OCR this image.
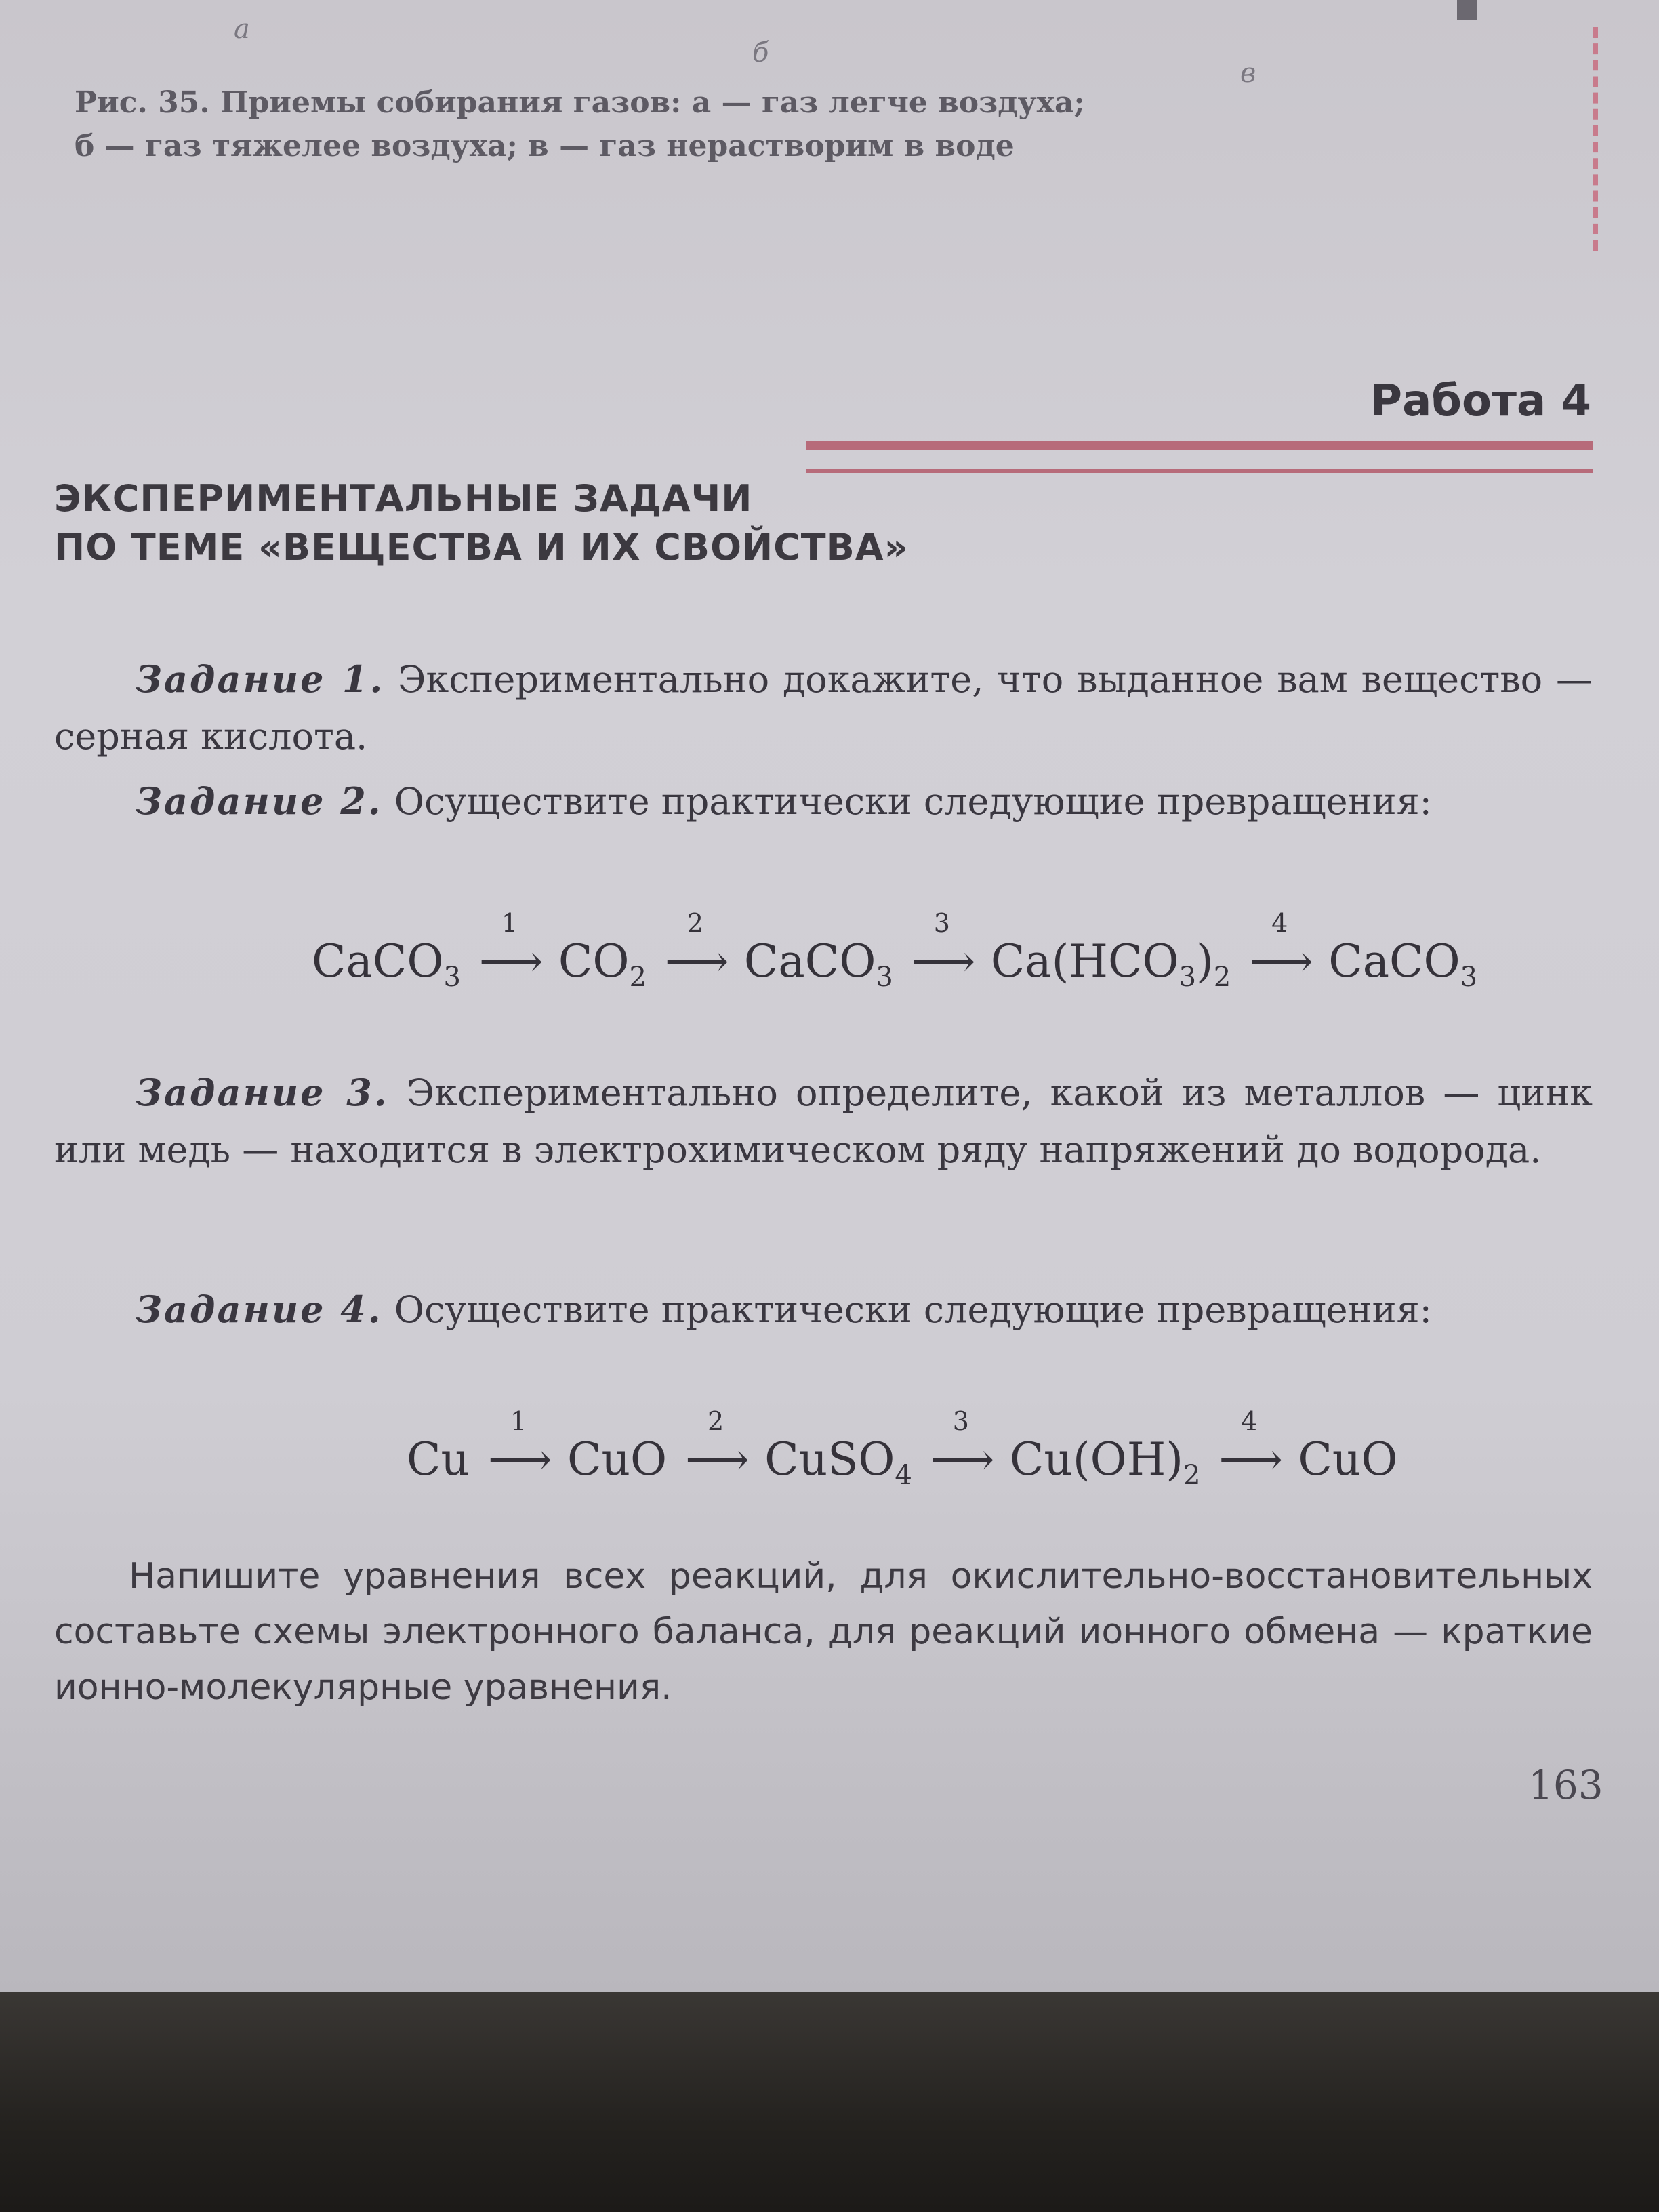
а
б
в
Рис. 35. Приемы собирания газов: а — газ легче воздуха;
б — газ тяжелее воздуха; в — газ нерастворим в воде
Работа 4
ЭКСПЕРИМЕНТАЛЬНЫЕ ЗАДАЧИ
ПО ТЕМЕ «ВЕЩЕСТВА И ИХ СВОЙСТВА»
Задание 1. Экспериментально докажите, что выданное вам вещество — серная кислота.
Задание 2. Осуществите практически следующие превращения:
CaCO$_3$
1
⟶ $CO_2$
2
⟶ CaCO$_3$
3
⟶ $Ca(HCO_3)_2$
4
⟶ CaCO$_3$
Задание 3. Экспериментально определите, какой из металлов — цинк или медь — находится в электрохимическом ряду напряжений до водорода.
Задание 4. Осуществите практически следующие превращения:
Cu
1
⟶ CuO
2
⟶ CuSO$_4$
3
⟶ $Cu(OH)_2$
4
⟶ CuO
Напишите уравнения всех реакций, для окислительно-восстановительных составьте схемы электронного баланса, для реакций ионного обмена — краткие ионно-молекулярные уравнения.
163
